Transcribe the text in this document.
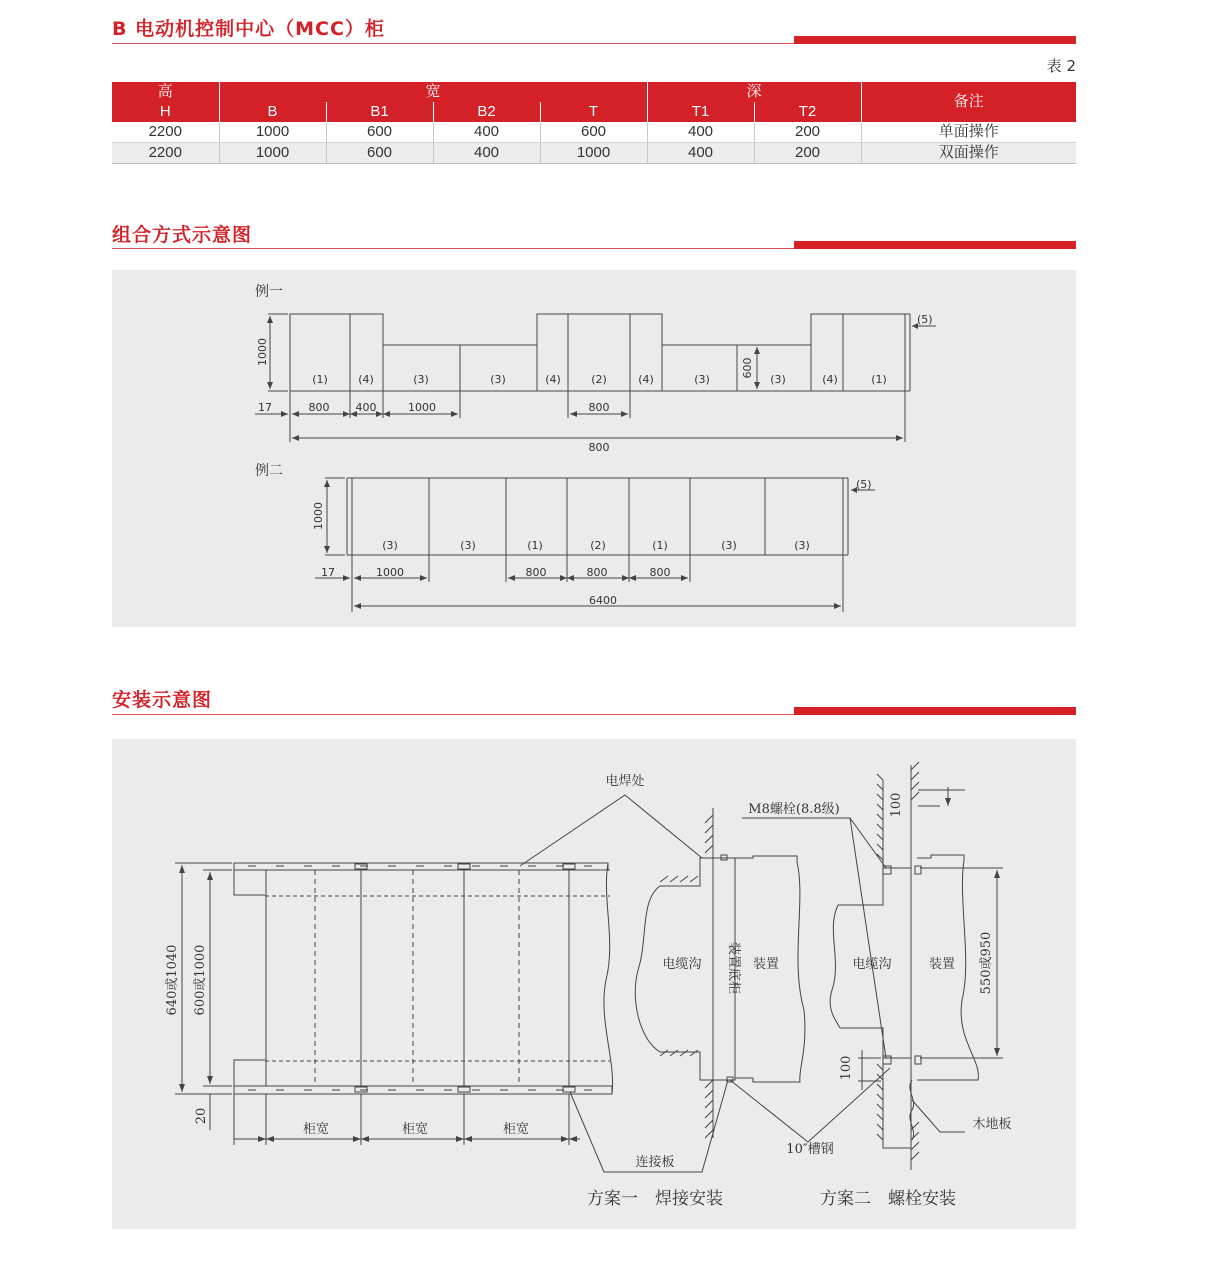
B 电动机控制中心（MCC）柜
表 2
高	宽				深		备注
H	B	B1	B2	T	T1	T2	
2200	1000	600	400	600	400	200	单面操作
2200	1000	600	400	1000	400	200	双面操作
组合方式示意图
例一
(1)	(4)	(3)	(3)	(4)	(2)	(4)	(3)	(3)	(4)	(1)
(5)
1000
600
17	800 400	1000	800
800
例二
(3)	(3)	(1)	(2)	(1)	(3)	(3)
(5)
1000
17	1000	800	800	800
6400
安装示意图
640或1040 600或1000
20
柜宽	柜宽	柜宽
连接板
电焊处
电缆沟 装置底柜 装置
10″槽钢
电缆沟	装置
100
550或950
100
M8螺栓(8.8级)
木地板
方案一　焊接安装	方案二　螺栓安装
